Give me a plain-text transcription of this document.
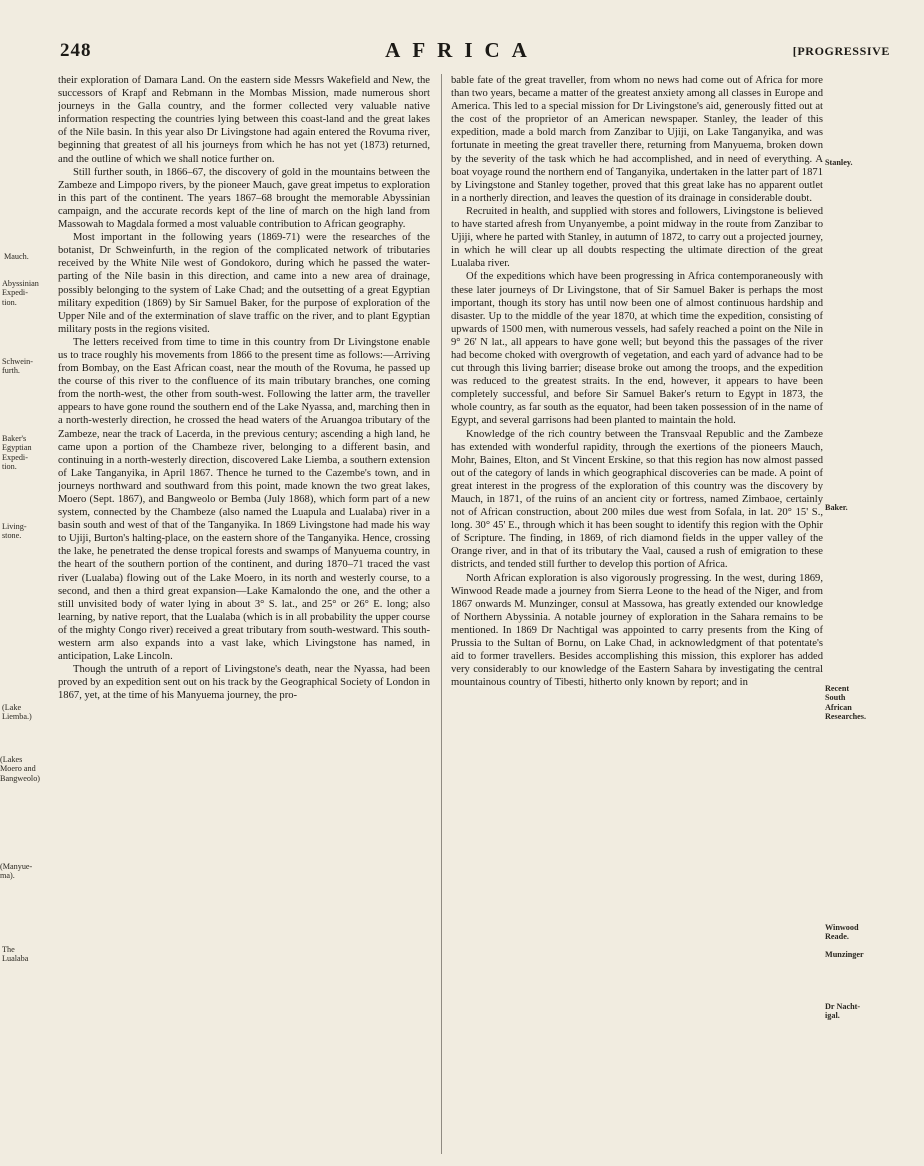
248	AFRICA	[PROGRESSIVE
Mauch.
Abyssinian
Expedi-
tion.
Schwein-
furth.
Baker's
Egyptian
Expedi-
tion.
Living-
stone.
(Lake
Liemba.)
(Lakes
Moero and
Bangweolo)
(Manyue-
ma).
The
Lualaba

their exploration of Damara Land. On the eastern side Messrs Wakefield and New, the successors of Krapf and Rebmann in the Mombas Mission, made numerous short journeys in the Galla country, and the former collected very valuable native information respecting the countries lying between this coast-land and the great lakes of the Nile basin. In this year also Dr Livingstone had again entered the Rovuma river, beginning that greatest of all his journeys from which he has not yet (1873) returned, and the outline of which we shall notice further on.

Still further south, in 1866–67, the discovery of gold in the mountains between the Zambeze and Limpopo rivers, by the pioneer Mauch, gave great impetus to exploration in this part of the continent. The years 1867–68 brought the memorable Abyssinian campaign, and the accurate records kept of the line of march on the high land from Massowah to Magdala formed a most valuable contribution to African geography.

Most important in the following years (1869-71) were the researches of the botanist, Dr Schweinfurth, in the region of the complicated network of tributaries received by the White Nile west of Gondokoro, during which he passed the water-parting of the Nile basin in this direction, and came into a new area of drainage, possibly belonging to the system of Lake Chad; and the outsetting of a great Egyptian military expedition (1869) by Sir Samuel Baker, for the purpose of exploration of the Upper Nile and of the extermination of slave traffic on the river, and to plant Egyptian military posts in the regions visited.

The letters received from time to time in this country from Dr Livingstone enable us to trace roughly his movements from 1866 to the present time as follows:—Arriving from Bombay, on the East African coast, near the mouth of the Rovuma, he passed up the course of this river to the confluence of its main tributary branches, one coming from the north-west, the other from south-west. Following the latter arm, the traveller appears to have gone round the southern end of the Lake Nyassa, and, marching then in a north-westerly direction, he crossed the head waters of the Aruangoa tributary of the Zambeze, near the track of Lacerda, in the previous century; ascending a high land, he came upon a portion of the Chambeze river, belonging to a different basin, and continuing in a north-westerly direction, discovered Lake Liemba, a southern extension of Lake Tanganyika, in April 1867. Thence he turned to the Cazembe's town, and in journeys northward and southward from this point, made known the two great lakes, Moero (Sept. 1867), and Bangweolo or Bemba (July 1868), which form part of a new system, connected by the Chambeze (also named the Luapula and Lualaba) river in a basin south and west of that of the Tanganyika. In 1869 Livingstone had made his way to Ujiji, Burton's halting-place, on the eastern shore of the Tanganyika. Hence, crossing the lake, he penetrated the dense tropical forests and swamps of Manyuema country, in the heart of the southern portion of the continent, and during 1870–71 traced the vast river (Lualaba) flowing out of the Lake Moero, in its north and westerly course, to a second, and then a third great expansion—Lake Kamalondo the one, and the other a still unvisited body of water lying in about 3° S. lat., and 25° or 26° E. long; also learning, by native report, that the Lualaba (which is in all probability the upper course of the mighty Congo river) received a great tributary from south-westward. This south-western arm also expands into a vast lake, which Livingstone has named, in anticipation, Lake Lincoln.

Though the untruth of a report of Livingstone's death, near the Nyassa, had been proved by an expedition sent out on his track by the Geographical Society of London in 1867, yet, at the time of his Manyuema journey, the pro-

bable fate of the great traveller, from whom no news had come out of Africa for more than two years, became a matter of the greatest anxiety among all classes in Europe and America. This led to a special mission for Dr Livingstone's aid, generously fitted out at the cost of the proprietor of an American newspaper. Stanley, the leader of this expedition, made a bold march from Zanzibar to Ujiji, on Lake Tanganyika, and was fortunate in meeting the great traveller there, returning from Manyuema, broken down by the severity of the task which he had accomplished, and in need of everything. A boat voyage round the northern end of Tanganyika, undertaken in the latter part of 1871 by Livingstone and Stanley together, proved that this great lake has no apparent outlet in a northerly direction, and leaves the question of its drainage in considerable doubt.

Recruited in health, and supplied with stores and followers, Livingstone is believed to have started afresh from Unyanyembe, a point midway in the route from Zanzibar to Ujiji, where he parted with Stanley, in autumn of 1872, to carry out a projected journey, in which he will clear up all doubts respecting the ultimate direction of the great Lualaba river.

Of the expeditions which have been progressing in Africa contemporaneously with these later journeys of Dr Livingstone, that of Sir Samuel Baker is perhaps the most important, though its story has until now been one of almost continuous hardship and disaster. Up to the middle of the year 1870, at which time the expedition, consisting of upwards of 1500 men, with numerous vessels, had safely reached a point on the Nile in 9° 26' N lat., all appears to have gone well; but beyond this the passages of the river had become choked with overgrowth of vegetation, and each yard of advance had to be cut through this living barrier; disease broke out among the troops, and the expedition was reduced to the greatest straits. In the end, however, it appears to have been completely successful, and before Sir Samuel Baker's return to Egypt in 1873, the whole country, as far south as the equator, had been taken possession of in the name of Egypt, and several garrisons had been planted to maintain the hold.

Knowledge of the rich country between the Transvaal Republic and the Zambeze has extended with wonderful rapidity, through the exertions of the pioneers Mauch, Mohr, Baines, Elton, and St Vincent Erskine, so that this region has now almost passed out of the category of lands in which geographical discoveries can be made. A point of great interest in the progress of the exploration of this country was the discovery by Mauch, in 1871, of the ruins of an ancient city or fortress, named Zimbaoe, certainly not of African construction, about 200 miles due west from Sofala, in lat. 20° 15' S., long. 30° 45' E., through which it has been sought to identify this region with the Ophir of Scripture. The finding, in 1869, of rich diamond fields in the upper valley of the Orange river, and in that of its tributary the Vaal, caused a rush of emigration to these districts, and tended still further to develop this portion of Africa.

North African exploration is also vigorously progressing. In the west, during 1869, Winwood Reade made a journey from Sierra Leone to the head of the Niger, and from 1867 onwards M. Munzinger, consul at Massowa, has greatly extended our knowledge of Northern Abyssinia. A notable journey of exploration in the Sahara remains to be mentioned. In 1869 Dr Nachtigal was appointed to carry presents from the King of Prussia to the Sultan of Bornu, on Lake Chad, in acknowledgment of that potentate's aid to former travellers. Besides accomplishing this mission, this explorer has added very considerably to our knowledge of the Eastern Sahara by investigating the central mountainous country of Tibesti, hitherto only known by report; and in

Stanley.
Baker.
Recent
South
African
Researches.
Winwood
Reade.
Munzinger
Dr Nacht-
igal.
